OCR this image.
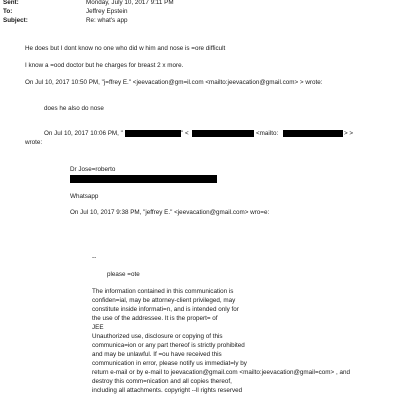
Sent:	Monday, July 10, 2017 9:11 PM
To:	Jeffrey Epstein
Subject:	Re: what's app
He does but I dont know no one who did w him and nose is =ore difficult
I know a =ood doctor but he charges for breast 2 x more.
On Jul 10, 2017 10:50 PM, "j=ffrey E." <jeevacation@gm=il.com <mailto:jeevacation@gmail.com> > wrote:
does he also do nose
On Jul 10, 2017 10:06 PM, "	" <	<mailto:	> >
wrote:
Dr Jose=roberto
Whatsapp
On Jul 10, 2017 9:38 PM, "jeffrey E." <jeevacation@gmail.com> wro=e:
--
please =ote
The information contained in this communication is
confiden=ial, may be attorney-client privileged, may
constitute inside informati=n, and is intended only for
the use of the addressee. It is the propert= of
JEE
Unauthorized use, disclosure or copying of this
communica=ion or any part thereof is strictly prohibited
and may be unlawful. If =ou have received this
communication in error, please notify us immediat=ly by
return e-mail or by e-mail to jeevacation@gmail.com <mailto:jeevacation@gmail=com> , and
destroy this comm=nication and all copies thereof,
including all attachments. copyright --ll rights reserved
